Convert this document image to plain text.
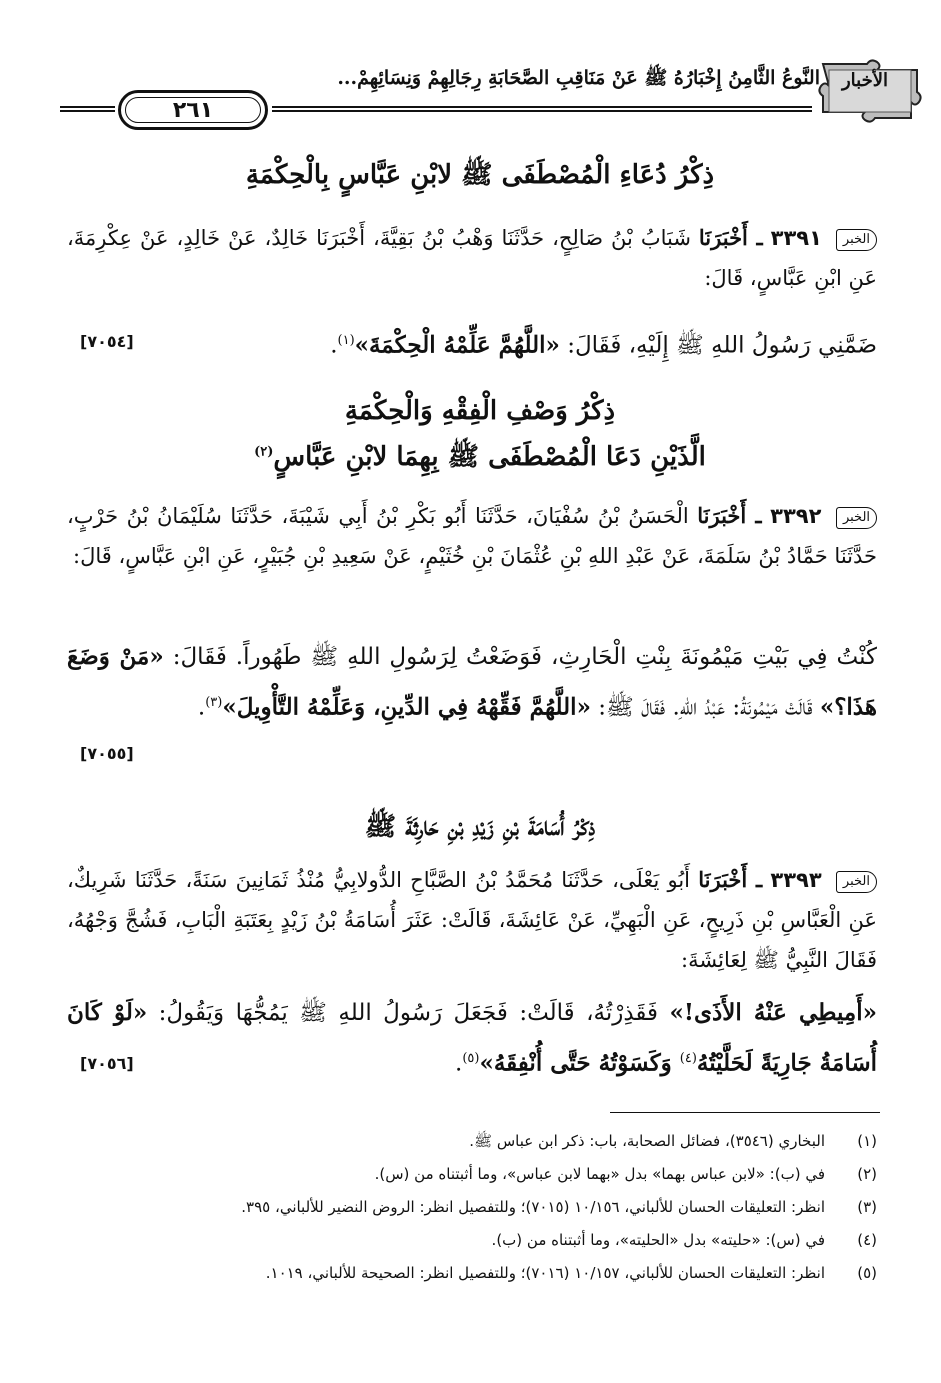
٢٦١
النَّوعُ الثَّامِنُ إِخْبَارُهُ ﷺ عَنْ مَنَاقِبِ الصَّحَابَةِ رِجَالِهِمْ وَنِسَائِهِمْ...	الأخبار
ذِكْرُ دُعَاءِ الْمُصْطَفَى ﷺ لابْنِ عَبَّاسٍ بِالْحِكْمَةِ
الخبر ٣٣٩١ ـ أَخْبَرَنَا شَبَابُ بْنُ صَالِحٍ، حَدَّثَنَا وَهْبُ بْنُ بَقِيَّةَ، أَخْبَرَنَا خَالِدٌ، عَنْ خَالِدٍ، عَنْ عِكْرِمَةَ، عَنِ ابْنِ عَبَّاسٍ، قَالَ:
ضَمَّنِي رَسُولُ اللهِ ﷺ إِلَيْهِ، فَقَالَ: «اللَّهُمَّ عَلِّمْهُ الْحِكْمَةَ»$^{(١)}$.
[٧٠٥٤]
ذِكْرُ وَصْفِ الْفِقْهِ وَالْحِكْمَةِ
الَّذَيْنِ دَعَا الْمُصْطَفَى ﷺ بِهِمَا لابْنِ عَبَّاسٍ$^{(٢)}$
الخبر ٣٣٩٢ ـ أَخْبَرَنَا الْحَسَنُ بْنُ سُفْيَانَ، حَدَّثَنَا أَبُو بَكْرِ بْنُ أَبِي شَيْبَةَ، حَدَّثَنَا سُلَيْمَانُ بْنُ حَرْبٍ، حَدَّثَنَا حَمَّادُ بْنُ سَلَمَةَ، عَنْ عَبْدِ اللهِ بْنِ عُثْمَانَ بْنِ خُثَيْمٍ، عَنْ سَعِيدِ بْنِ جُبَيْرٍ، عَنِ ابْنِ عَبَّاسٍ، قَالَ:
كُنْتُ فِي بَيْتِ مَيْمُونَةَ بِنْتِ الْحَارِثِ، فَوَضَعْتُ لِرَسُولِ اللهِ ﷺ طَهُوراً. فَقَالَ: «مَنْ وَضَعَ هَذَا؟» قَالَتْ مَيْمُونَةُ: عَبْدُ اللهِ. فَقَالَ ﷺ: «اللَّهُمَّ فَقِّهْهُ فِي الدِّينِ، وَعَلِّمْهُ التَّأْوِيلَ»$^{(٣)}$.
[٧٠٥٥]
ذِكْرُ أُسَامَةَ بْنِ زَيْدِ بْنِ حَارِثَةَ ﷺ
الخبر ٣٣٩٣ ـ أَخْبَرَنَا أَبُو يَعْلَى، حَدَّثَنَا مُحَمَّدُ بْنُ الصَّبَّاحِ الدُّولابِيُّ مُنْذُ ثَمَانِينَ سَنَةً، حَدَّثَنَا شَرِيكٌ، عَنِ الْعَبَّاسِ بْنِ ذَرِيحٍ، عَنِ الْبَهِيِّ، عَنْ عَائِشَةَ، قَالَتْ: عَثَرَ أُسَامَةُ بْنُ زَيْدٍ بِعَتَبَةِ الْبَابِ، فَشُجَّ وَجْهُهُ، فَقَالَ النَّبِيُّ ﷺ لِعَائِشَةَ:
«أَمِيطِي عَنْهُ الأَذَى!» فَقَذِرْتُهُ، قَالَتْ: فَجَعَلَ رَسُولُ اللهِ ﷺ يَمُجُّهَا وَيَقُولُ: «لَوْ كَانَ أُسَامَةُ جَارِيَةً لَحَلَّيْتُهُ$^{(٤)}$ وَكَسَوْتُهُ حَتَّى أُنْفِقَهُ»$^{(٥)}$.
[٧٠٥٦]
(١)
البخاري (٣٥٤٦)، فضائل الصحابة، باب: ذكر ابن عباس ﷺ.
(٢)
في (ب): «لابن عباس بهما» بدل «بهما لابن عباس»، وما أثبتناه من (س).
(٣)
انظر: التعليقات الحسان للألباني، ١٠/١٥٦ (٧٠١٥)؛ وللتفصيل انظر: الروض النضير للألباني، ٣٩٥.
(٤)
في (س): «حليته» بدل «الحليته»، وما أثبتناه من (ب).
(٥)
انظر: التعليقات الحسان للألباني، ١٠/١٥٧ (٧٠١٦)؛ وللتفصيل انظر: الصحيحة للألباني، ١٠١٩.
